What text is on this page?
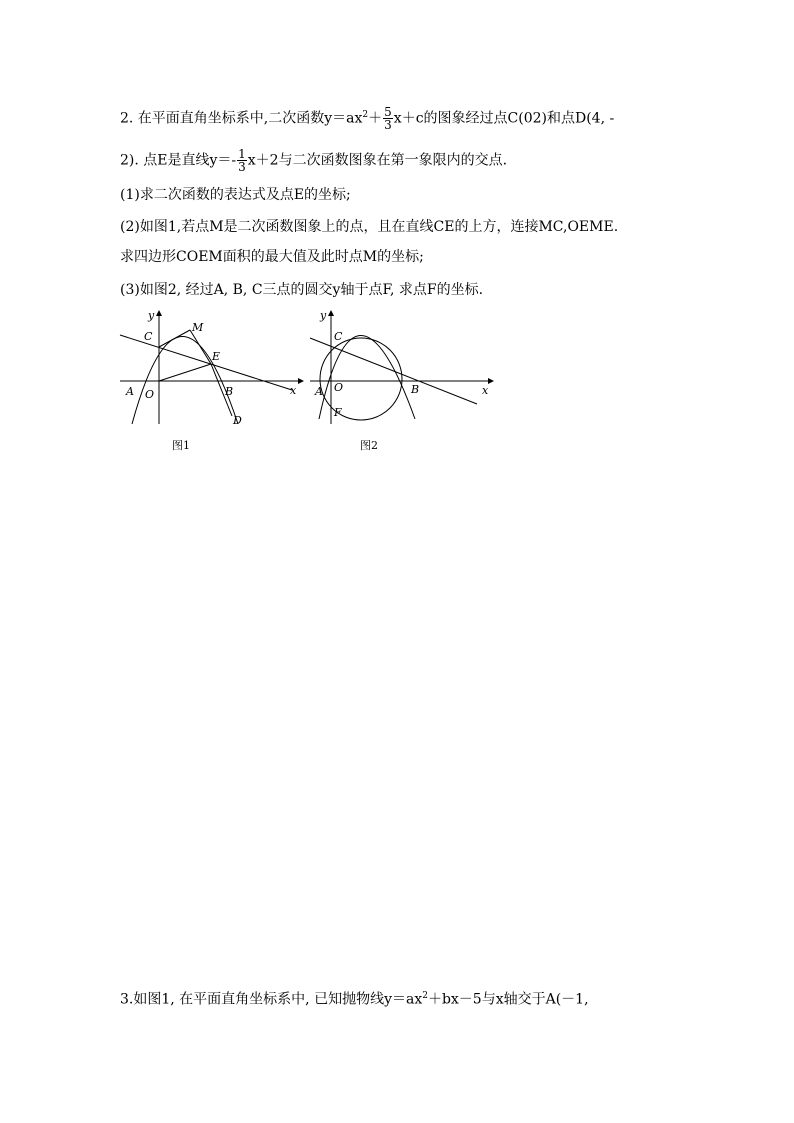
2. 在平面直角坐标系中,二次函数$y=ax^2+ \frac{5}{3} x+c$的图象经过点C(02)和点D(4, -
2). 点E是直线$y=- \frac{1}{3} x+2$与二次函数图象在第一象限内的交点.
(1)求二次函数的表达式及点E的坐标;
(2)如图1,若点M是二次函数图象上的点，且在直线CE的上方，连接MC,OEME.
求四边形COEM面积的最大值及此时点M的坐标;
(3)如图2, 经过A, B, C三点的圆交y轴于点F, 求点F的坐标.
y
x
C
M
E
A O	B
D
图1
y
x
C
A O	B
F
图2
3.如图1, 在平面直角坐标系中, 已知抛物线$y=ax^2+bx-5$与x轴交于A(－1,
